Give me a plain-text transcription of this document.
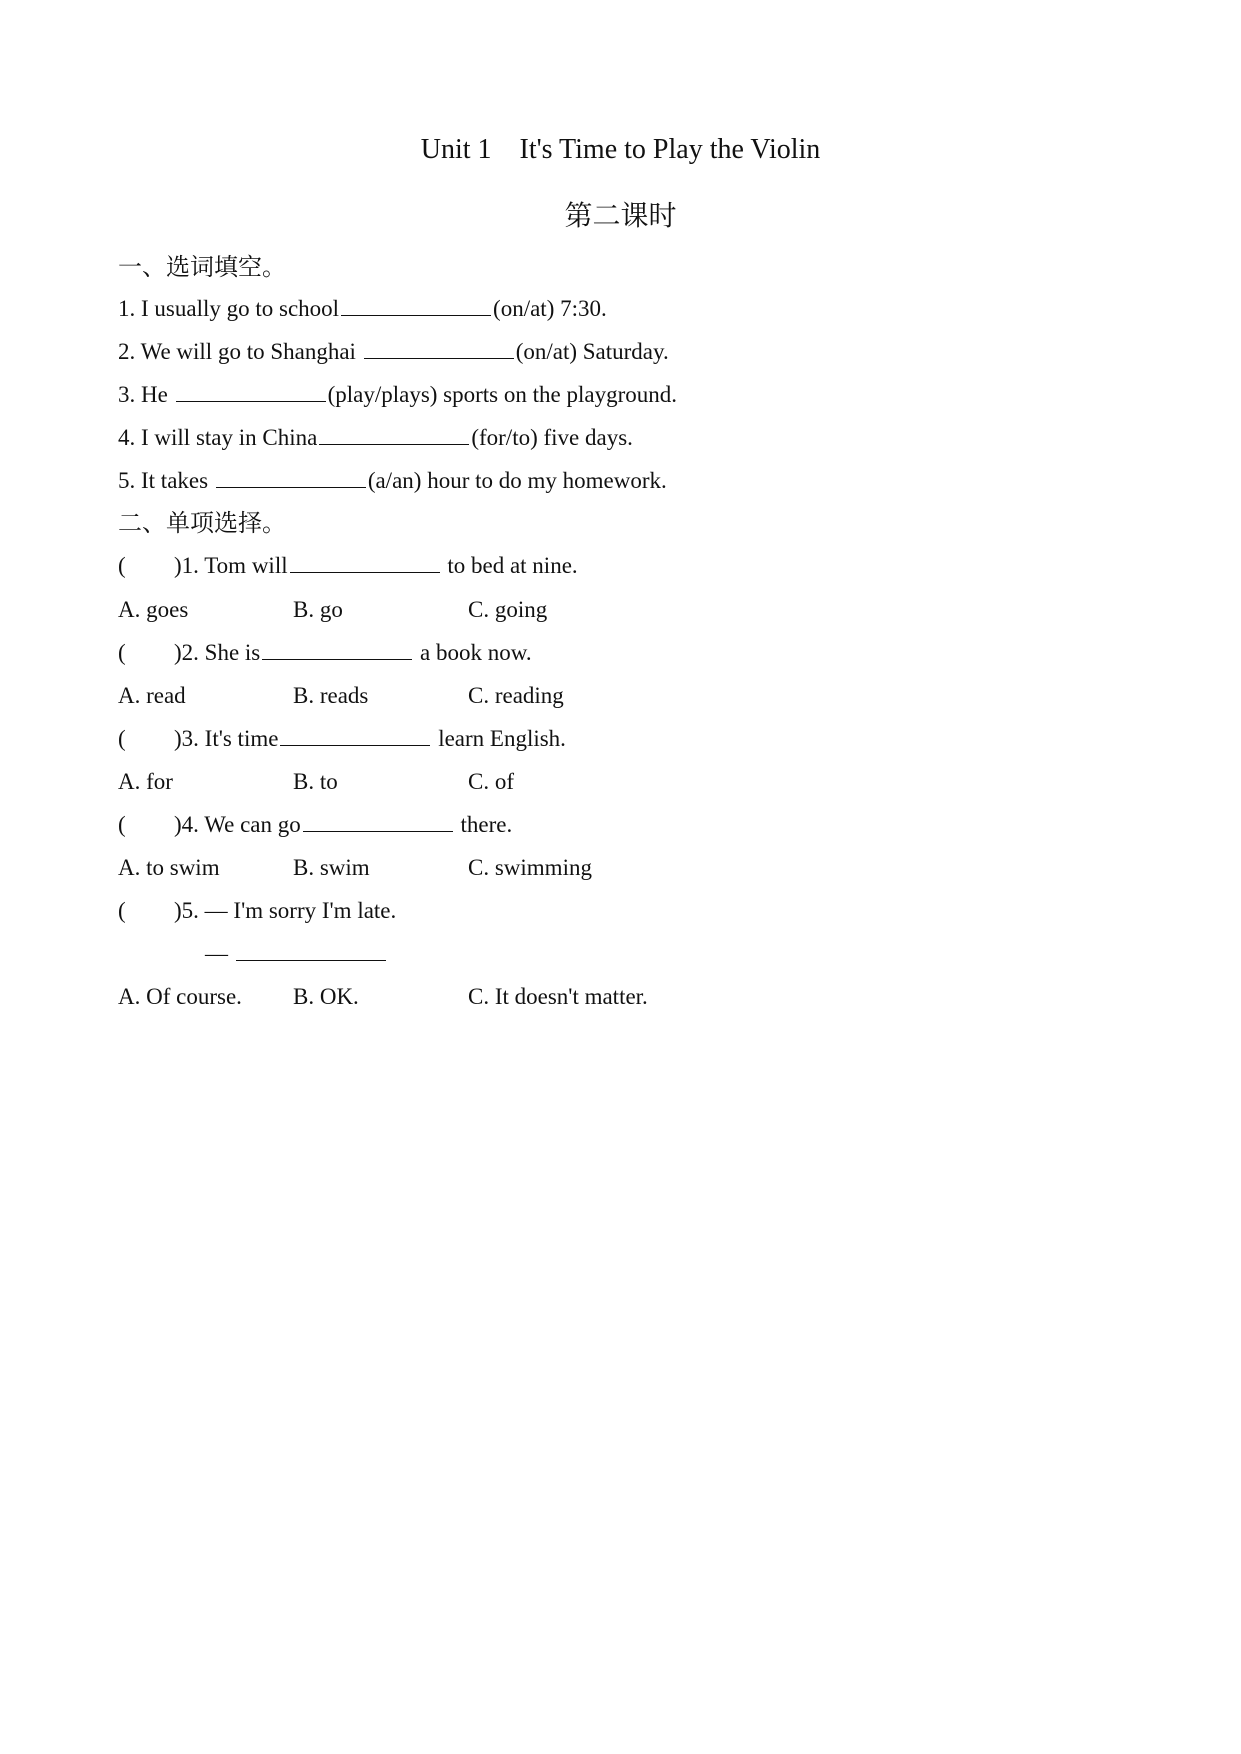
Unit 1    It's Time to Play the Violin
第二课时
一、选词填空。
1. I usually go to school	(on/at) 7:30.
2. We will go to Shanghai	(on/at) Saturday.
3. He	(play/plays) sports on the playground.
4. I will stay in China	(for/to) five days.
5. It takes	(a/an) hour to do my homework.
二、单项选择。
( )1. Tom will	to bed at nine.
A. goes	B. go	C. going
( )2. She is	a book now.
A. read	B. reads	C. reading
( )3. It's time	learn English.
A. for	B. to	C. of
( )4. We can go	there.
A. to swim	B. swim	C. swimming
( )5. — I'm sorry I'm late.
—
A. Of course. B. OK.	C. It doesn't matter.
